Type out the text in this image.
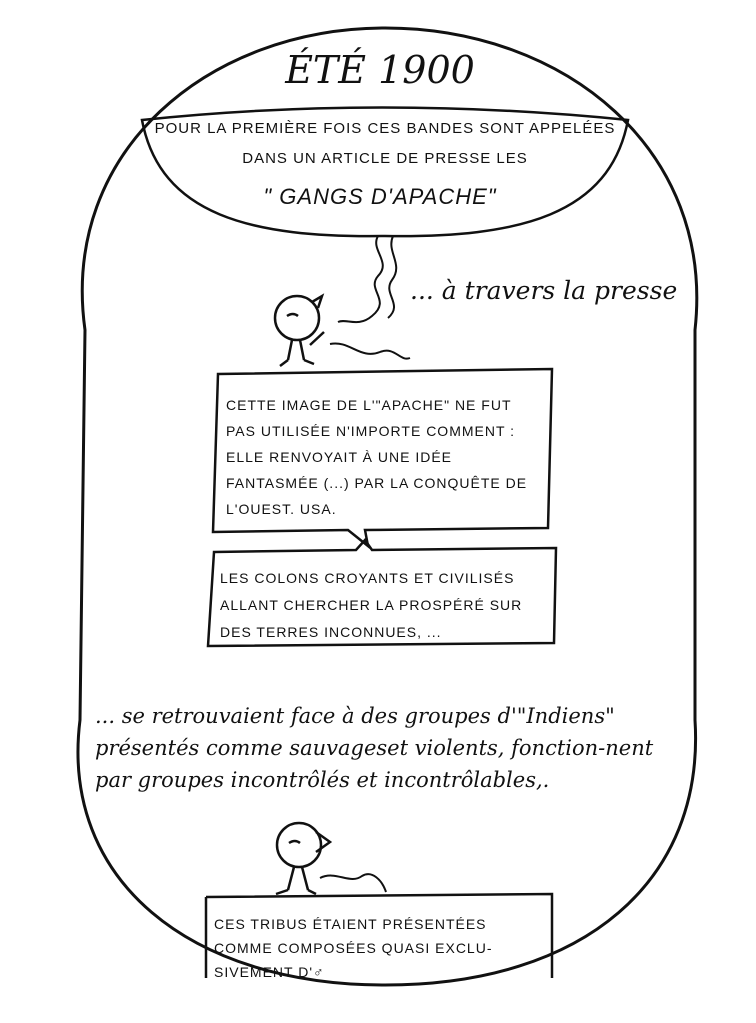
ÉTÉ 1900
POUR LA PREMIÈRE FOIS CES BANDES SONT APPELÉES DANS UN ARTICLE DE PRESSE LES
" GANGS D'APACHE"
... à travers la presse
CETTE IMAGE DE L'"APACHE" NE FUT PAS UTILISÉE N'IMPORTE COMMENT : ELLE RENVOYAIT À UNE IDÉE FANTASMÉE (...) PAR LA CONQUÊTE DE L'OUEST. USA.
LES COLONS CROYANTS ET CIVILISÉS ALLANT CHERCHER LA PROSPÉRÉ SUR DES TERRES INCONNUES, ...
... se retrouvaient face à des groupes d'"Indiens" présentés comme sauvageset violents, fonction-nent par groupes incontrôlés et incontrôlables,.
CES TRIBUS ÉTAIENT PRÉSENTÉES COMME COMPOSÉES QUASI EXCLU-SIVEMENT D'♂
